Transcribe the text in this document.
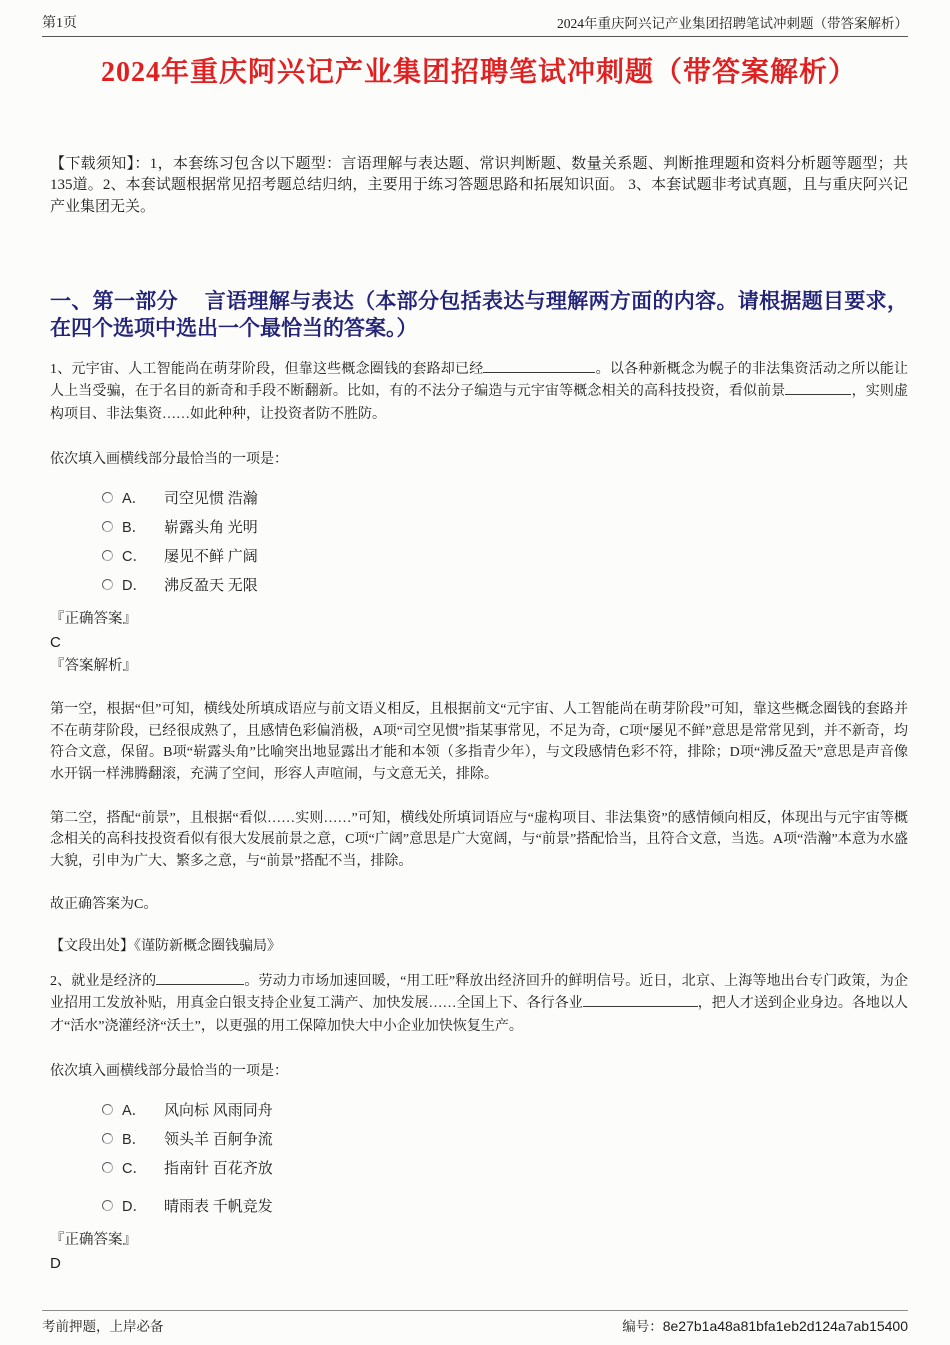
第1页	2024年重庆阿兴记产业集团招聘笔试冲刺题（带答案解析）
2024年重庆阿兴记产业集团招聘笔试冲刺题（带答案解析）

【下载须知】：1，本套练习包含以下题型：言语理解与表达题、常识判断题、数量关系题、判断推理题和资料分析题等题型；共135道。2、本套试题根据常见招考题总结归纳，主要用于练习答题思路和拓展知识面。 3、本套试题非考试真题，且与重庆阿兴记产业集团无关。

一、第一部分　 言语理解与表达（本部分包括表达与理解两方面的内容。请根据题目要求，在四个选项中选出一个最恰当的答案。）

1、元宇宙、人工智能尚在萌芽阶段，但靠这些概念圈钱的套路却已经	。以各种新概念为幌子的非法集资活动之所以能让人上当受骗，在于名目的新奇和手段不断翻新。比如，有的不法分子编造与元宇宙等概念相关的高科技投资，看似前景	，实则虚构项目、非法集资……如此种种，让投资者防不胜防。

依次填入画横线部分最恰当的一项是：

A．	司空见惯 浩瀚
B．	崭露头角 光明
C．	屡见不鲜 广阔
D．	沸反盈天 无限
『正确答案』
C
『答案解析』

第一空，根据“但”可知，横线处所填成语应与前文语义相反，且根据前文“元宇宙、人工智能尚在萌芽阶段”可知，靠这些概念圈钱的套路并不在萌芽阶段，已经很成熟了，且感情色彩偏消极，A项“司空见惯”指某事常见，不足为奇，C项“屡见不鲜”意思是常常见到，并不新奇，均符合文意，保留。B项“崭露头角”比喻突出地显露出才能和本领（多指青少年），与文段感情色彩不符，排除；D项“沸反盈天”意思是声音像水开锅一样沸腾翻滚，充满了空间，形容人声喧闹，与文意无关，排除。

第二空，搭配“前景”，且根据“看似……实则……”可知，横线处所填词语应与“虚构项目、非法集资”的感情倾向相反，体现出与元宇宙等概念相关的高科技投资看似有很大发展前景之意，C项“广阔”意思是广大宽阔，与“前景”搭配恰当，且符合文意，当选。A项“浩瀚”本意为水盛大貌，引申为广大、繁多之意，与“前景”搭配不当，排除。

故正确答案为C。

【文段出处】《谨防新概念圈钱骗局》

2、就业是经济的	。劳动力市场加速回暖，“用工旺”释放出经济回升的鲜明信号。近日，北京、上海等地出台专门政策，为企业招用工发放补贴，用真金白银支持企业复工满产、加快发展……全国上下、各行各业	，把人才送到企业身边。各地以人才“活水”浇灌经济“沃土”，以更强的用工保障加快大中小企业加快恢复生产。

依次填入画横线部分最恰当的一项是：

A．	风向标 风雨同舟
B．	领头羊 百舸争流
C．	指南针 百花齐放
D．	晴雨表 千帆竞发
『正确答案』
D
考前押题，上岸必备	编号：8e27b1a48a81bfa1eb2d124a7ab15400
